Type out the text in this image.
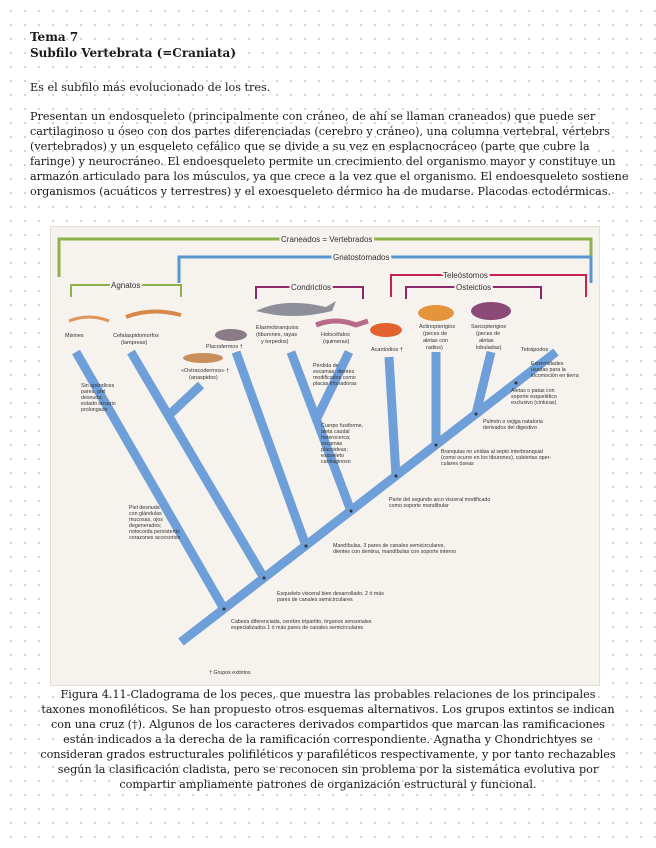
Tema 7
Subfilo Vertebrata (=Craniata)
Es el subfilo más evolucionado de los tres.
Presentan un endosqueleto (principalmente con cráneo, de ahí se llaman craneados) que puede ser cartilaginoso u óseo con dos partes diferenciadas (cerebro y cráneo), una columna vertebral, vértebrs (vertebrados) y un esqueleto cefálico que se divide a su vez en esplacnocráceo (parte que cubre la faringe) y neurocráneo. El endoesqueleto permite un crecimiento del organismo mayor y constituye un armazón articulado para los músculos, ya que crece a la vez que el organismo. El endoesqueleto sostiene organismos (acuáticos y terrestres) y el exoesqueleto dérmico ha de mudarse. Placodas ectodérmicas.
Craneados = Vertebrados
Gnatostomados
Teleóstomos
Agnatos	Condrictios	Osteictios
Mixines	Cefalaspidomorfos
(lampreas)
«Ostracodermos» †
(anaspidos)
Placodermos †
Elasmobranquios
(tiburones, rayas
y torpedos)
Holocéfalos
(quimeras)
Acantodios †
Actinopterigios
(peces de
aletas con
radios)
Sarcopterigios
(peces de
aletas
lobuladas)	Tetrápodos
Sin apéndices
pares, piel
desnuda;
estado larvario
prolongado
Piel desnuda
con glándulas
mucosas, ojos
degenerados;
notocorda persistente
corazones accesorios
Pérdida de
escamas; dientes
modificados como
placas trituradoras
Cuerpo fusiforme,
aleta caudal
heterocerca;
escamas
placoideas;
esqueleto
cartilaginoso
Extremidades
usadas para la
locomoción en tierra
Aletas o patas con
soporte esquelético
exclusivo (cinturas)
Pulmón o vejiga natatoria
derivados del digestivo
Branquias no unidas al septo interbranquial
(como ocurre en los tiburones), cubiertas oper-
culares óseas
Parte del segundo arco visceral modificado
como soporte mandibular
Mandíbulas, 3 pares de canales semicirculares,
dientes con dentina, mandíbulas con soporte interno
Esqueleto visceral bien desarrollado, 2 ó más
pares de canales semicirculares
Cabeza diferenciada, cerebro tripartito, órganos sensoriales
especializados 1 ó más pares de canales semicirculares
† Grupos extintos
Figura 4.11-Cladograma de los peces, que muestra las probables relaciones de los principales taxones monofiléticos. Se han propuesto otros esquemas alternativos. Los grupos extintos se indican con una cruz (†). Algunos de los caracteres derivados compartidos que marcan las ramificaciones están indicados a la derecha de la ramificación correspondiente. Agnatha y Chondrichtyes se consideran grados estructurales polifiléticos y parafiléticos respectivamente, y por tanto rechazables según la clasificación cladista, pero se reconocen sin problema por la sistemática evolutiva por compartir ampliamente patrones de organización estructural y funcional.
